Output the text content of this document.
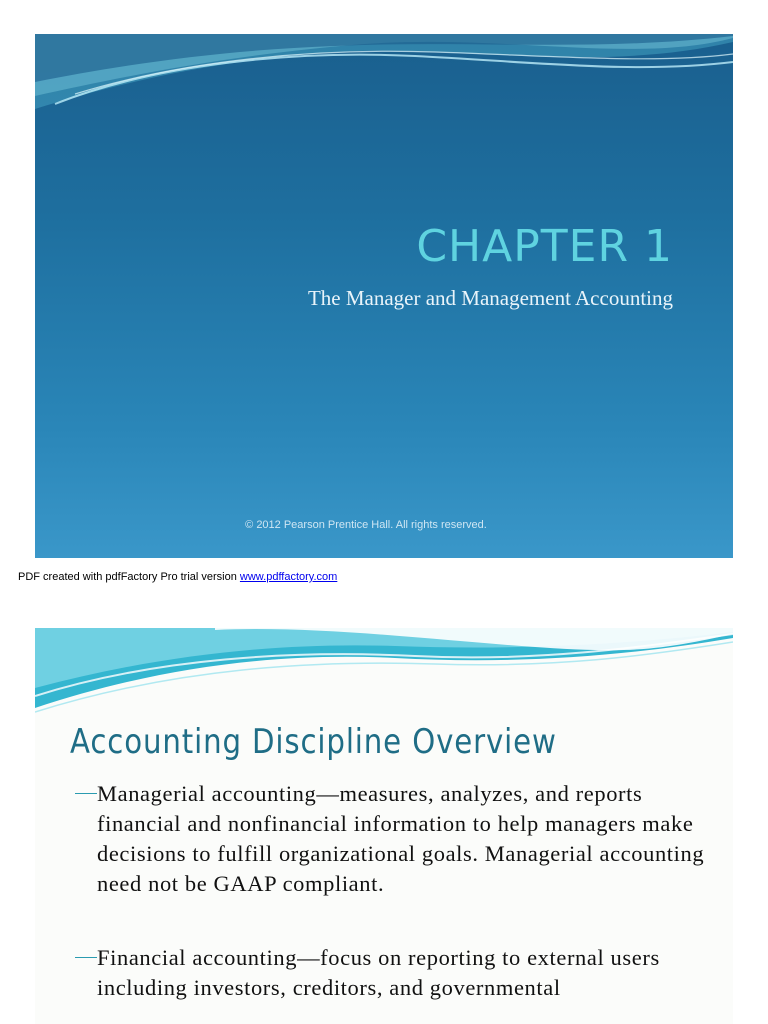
CHAPTER 1

The Manager and Management Accounting

© 2012 Pearson Prentice Hall. All rights reserved.
PDF created with pdfFactory Pro trial version www.pdffactory.com
Accounting Discipline Overview
Managerial accounting—measures, analyzes, and reports financial and nonfinancial information to help managers make decisions to fulfill organizational goals. Managerial accounting need not be GAAP compliant.
Financial accounting—focus on reporting to external users including investors, creditors, and governmental
